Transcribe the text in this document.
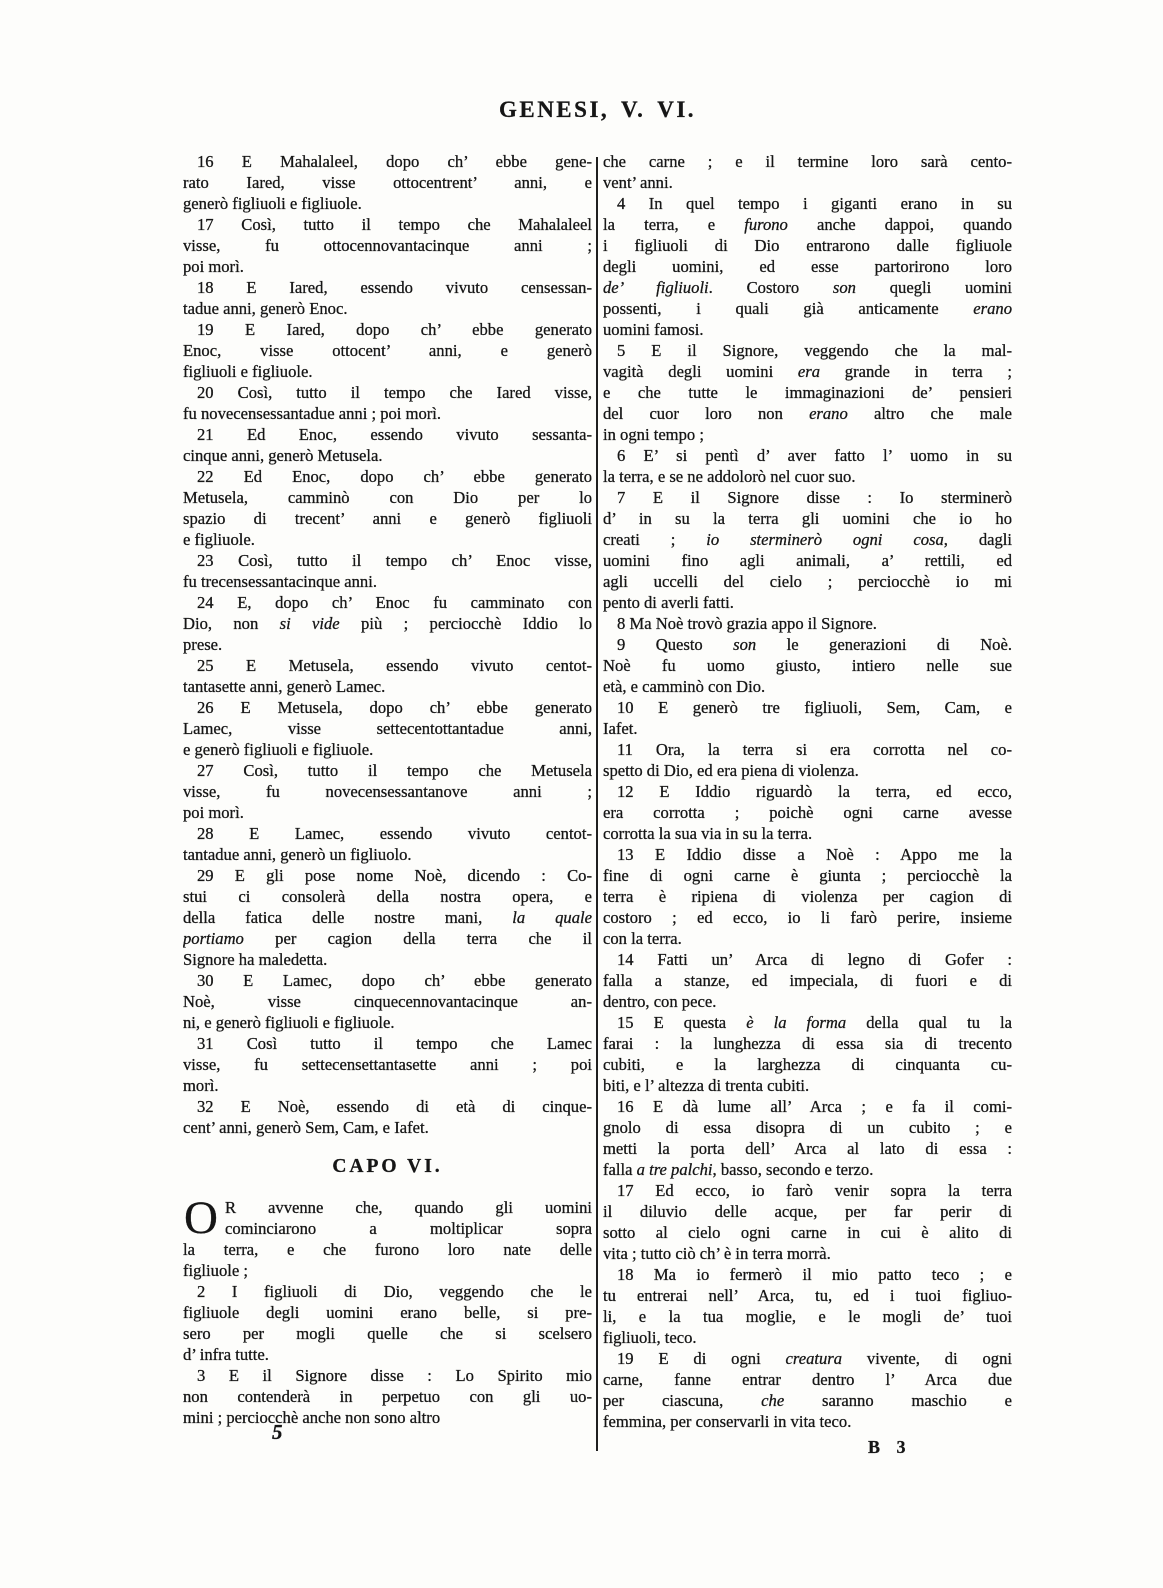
GENESI, V. VI.
16 E Mahalaleel, dopo ch’ ebbe gene-
rato Iared, visse ottocentrent’ anni, e
generò figliuoli e figliuole.
17 Così, tutto il tempo che Mahalaleel
visse, fu ottocennovantacinque anni ;
poi morì.
18 E Iared, essendo vivuto censessan-
tadue anni, generò Enoc.
19 E Iared, dopo ch’ ebbe generato
Enoc, visse ottocent’ anni, e generò
figliuoli e figliuole.
20 Così, tutto il tempo che Iared visse,
fu novecensessantadue anni ; poi morì.
21 Ed Enoc, essendo vivuto sessanta-
cinque anni, generò Metusela.
22 Ed Enoc, dopo ch’ ebbe generato
Metusela, camminò con Dio per lo
spazio di trecent’ anni e generò figliuoli
e figliuole.
23 Così, tutto il tempo ch’ Enoc visse,
fu trecensessantacinque anni.
24 E, dopo ch’ Enoc fu camminato con
Dio, non si vide più ; perciocchè Iddio lo
prese.
25 E Metusela, essendo vivuto centot-
tantasette anni, generò Lamec.
26 E Metusela, dopo ch’ ebbe generato
Lamec, visse settecentottantadue anni,
e generò figliuoli e figliuole.
27 Così, tutto il tempo che Metusela
visse, fu novecensessantanove anni ;
poi morì.
28 E Lamec, essendo vivuto centot-
tantadue anni, generò un figliuolo.
29 E gli pose nome Noè, dicendo : Co-
stui ci consolerà della nostra opera, e
della fatica delle nostre mani, la quale
portiamo per cagion della terra che il
Signore ha maledetta.
30 E Lamec, dopo ch’ ebbe generato
Noè, visse cinquecennovantacinque an-
ni, e generò figliuoli e figliuole.
31 Così tutto il tempo che Lamec
visse, fu settecensettantasette anni ; poi
morì.
32 E Noè, essendo di età di cinque-
cent’ anni, generò Sem, Cam, e Iafet.
CAPO VI.
O R avvenne che, quando gli uomini
cominciarono a moltiplicar sopra
la terra, e che furono loro nate delle
figliuole ;
2 I figliuoli di Dio, veggendo che le
figliuole degli uomini erano belle, si pre-
sero per mogli quelle che si scelsero
d’ infra tutte.
3 E il Signore disse : Lo Spirito mio
non contenderà in perpetuo con gli uo-
mini ; perciocchè anche non sono altro
che carne ; e il termine loro sarà cento-
vent’ anni.
4 In quel tempo i giganti erano in su
la terra, e furono anche dappoi, quando
i figliuoli di Dio entrarono dalle figliuole
degli uomini, ed esse partorirono loro
de’ figliuoli. Costoro son quegli uomini
possenti, i quali già anticamente erano
uomini famosi.
5 E il Signore, veggendo che la mal-
vagità degli uomini era grande in terra ;
e che tutte le immaginazioni de’ pensieri
del cuor loro non erano altro che male
in ogni tempo ;
6 E’ si pentì d’ aver fatto l’ uomo in su
la terra, e se ne addolorò nel cuor suo.
7 E il Signore disse : Io sterminerò
d’ in su la terra gli uomini che io ho
creati ; io sterminerò ogni cosa, dagli
uomini fino agli animali, a’ rettili, ed
agli uccelli del cielo ; perciocchè io mi
pento di averli fatti.
8 Ma Noè trovò grazia appo il Signore.
9 Questo son le generazioni di Noè.
Noè fu uomo giusto, intiero nelle sue
età, e camminò con Dio.
10 E generò tre figliuoli, Sem, Cam, e
Iafet.
11 Ora, la terra si era corrotta nel co-
spetto di Dio, ed era piena di violenza.
12 E Iddio riguardò la terra, ed ecco,
era corrotta ; poichè ogni carne avesse
corrotta la sua via in su la terra.
13 E Iddio disse a Noè : Appo me la
fine di ogni carne è giunta ; perciocchè la
terra è ripiena di violenza per cagion di
costoro ; ed ecco, io li farò perire, insieme
con la terra.
14 Fatti un’ Arca di legno di Gofer :
falla a stanze, ed impeciala, di fuori e di
dentro, con pece.
15 E questa è la forma della qual tu la
farai : la lunghezza di essa sia di trecento
cubiti, e la larghezza di cinquanta cu-
biti, e l’ altezza di trenta cubiti.
16 E dà lume all’ Arca ; e fa il comi-
gnolo di essa disopra di un cubito ; e
metti la porta dell’ Arca al lato di essa :
falla a tre palchi, basso, secondo e terzo.
17 Ed ecco, io farò venir sopra la terra
il diluvio delle acque, per far perir di
sotto al cielo ogni carne in cui è alito di
vita ; tutto ciò ch’ è in terra morrà.
18 Ma io fermerò il mio patto teco ; e
tu entrerai nell’ Arca, tu, ed i tuoi figliuo-
li, e la tua moglie, e le mogli de’ tuoi
figliuoli, teco.
19 E di ogni creatura vivente, di ogni
carne, fanne entrar dentro l’ Arca due
per ciascuna, che saranno maschio e
femmina, per conservarli in vita teco.
5
B 3
